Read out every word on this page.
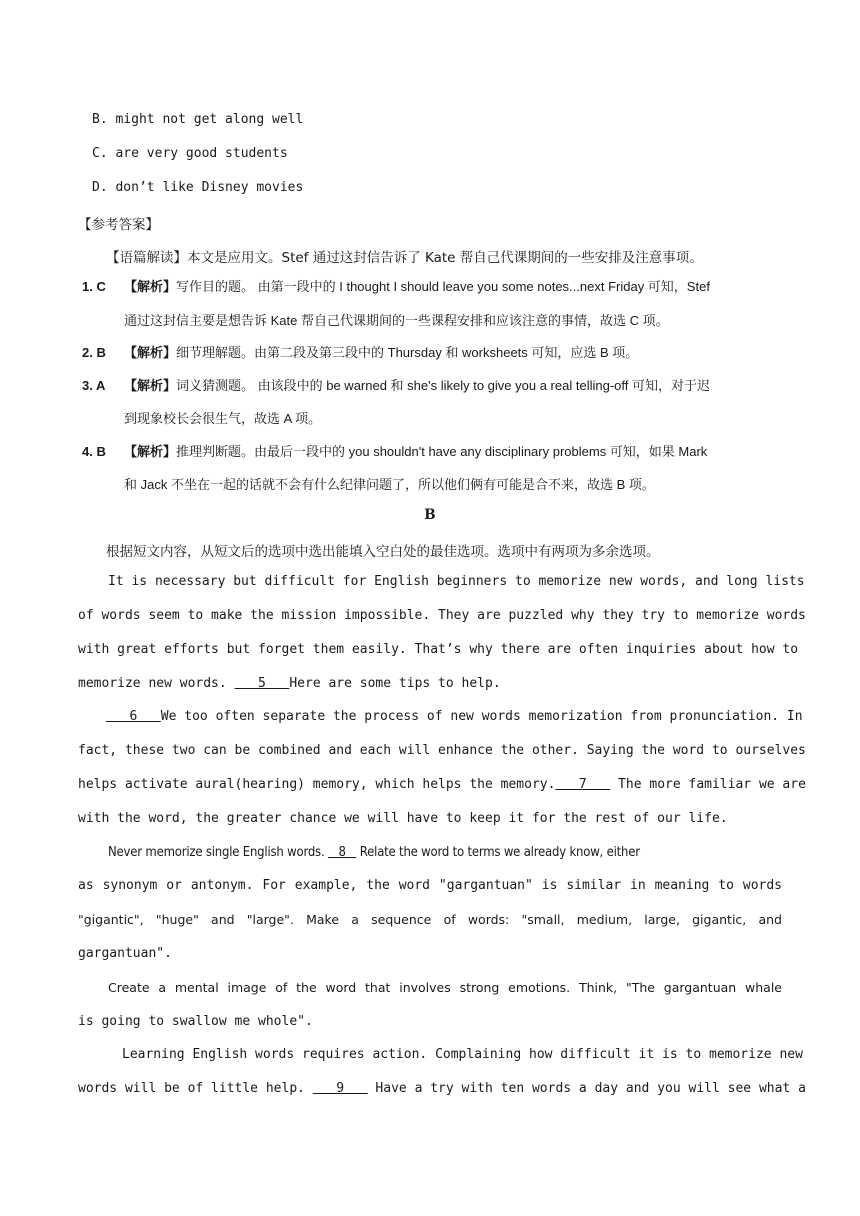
B. might not get along well
C. are very good students
D. don’t like Disney movies
【参考答案】
【语篇解读】本文是应用文。Stef 通过这封信告诉了 Kate 帮自己代课期间的一些安排及注意事项。
1. C 【解析】写作目的题。 由第一段中的 I thought I should leave you some notes...next Friday 可知，Stef
通过这封信主要是想告诉 Kate 帮自己代课期间的一些课程安排和应该注意的事情，故选 C 项。
2. B 【解析】细节理解题。由第二段及第三段中的 Thursday 和 worksheets 可知，应选 B 项。
3. A 【解析】词义猜测题。 由该段中的 be warned 和 she's likely to give you a real telling-off 可知，对于迟
到现象校长会很生气，故选 A 项。
4. B 【解析】推理判断题。由最后一段中的 you shouldn't have any disciplinary problems 可知，如果 Mark
和 Jack 不坐在一起的话就不会有什么纪律问题了，所以他们俩有可能是合不来，故选 B 项。
B
根据短文内容，从短文后的选项中选出能填入空白处的最佳选项。选项中有两项为多余选项。
It is necessary but difficult for English beginners to memorize new words, and long lists
of words seem to make the mission impossible. They are puzzled why they try to memorize words
with great efforts but forget them easily. That’s why there are often inquiries about how to
memorize new words.    5   Here are some tips to help.
6   We too often separate the process of new words memorization from pronunciation. In
fact, these two can be combined and each will enhance the other. Saying the word to ourselves
helps activate aural(hearing) memory, which helps the memory.   7    The more familiar we are
with the word, the greater chance we will have to keep it for the rest of our life.
Never memorize single English words.    8    Relate the word to terms we already know, either
as synonym or antonym. For example, the word "gargantuan" is similar in meaning to words
"gigantic", "huge" and "large". Make a sequence of words: "small, medium, large, gigantic, and
gargantuan".
Create a mental image of the word that involves strong emotions. Think, "The gargantuan whale
is going to swallow me whole".
Learning English words requires action. Complaining how difficult it is to memorize new
words will be of little help.    9    Have a try with ten words a day and you will see what a
